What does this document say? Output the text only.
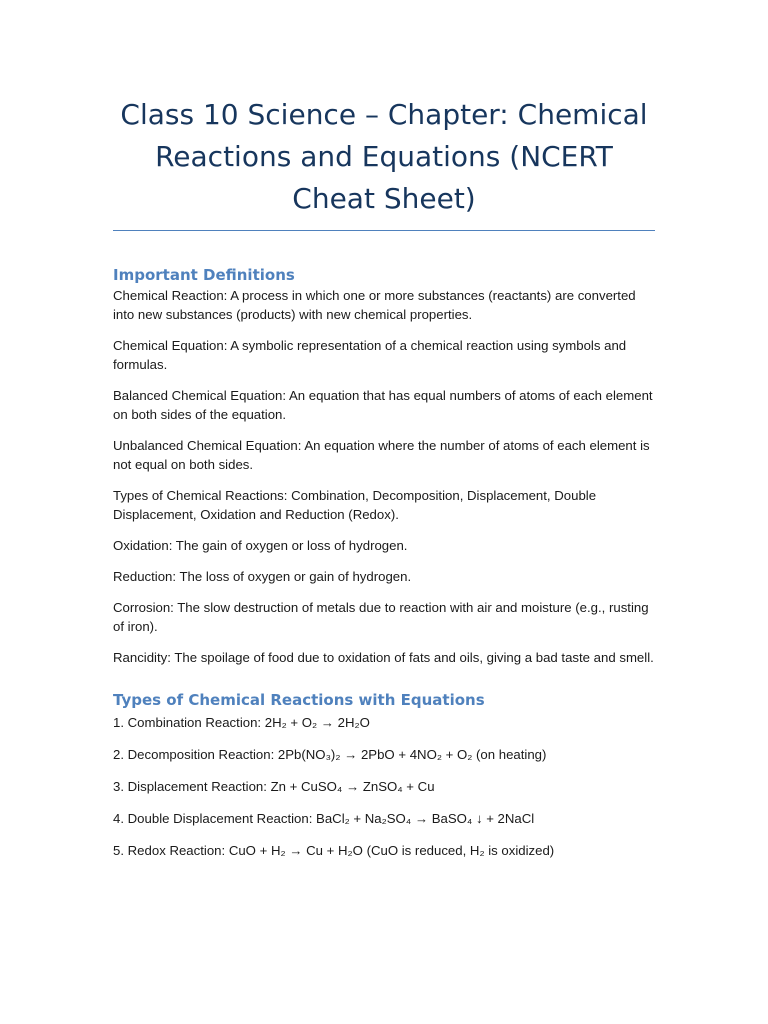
Class 10 Science – Chapter: Chemical Reactions and Equations (NCERT Cheat Sheet)
Important Definitions

Chemical Reaction: A process in which one or more substances (reactants) are converted into new substances (products) with new chemical properties.

Chemical Equation: A symbolic representation of a chemical reaction using symbols and formulas.

Balanced Chemical Equation: An equation that has equal numbers of atoms of each element on both sides of the equation.

Unbalanced Chemical Equation: An equation where the number of atoms of each element is not equal on both sides.

Types of Chemical Reactions: Combination, Decomposition, Displacement, Double Displacement, Oxidation and Reduction (Redox).

Oxidation: The gain of oxygen or loss of hydrogen.

Reduction: The loss of oxygen or gain of hydrogen.

Corrosion: The slow destruction of metals due to reaction with air and moisture (e.g., rusting of iron).

Rancidity: The spoilage of food due to oxidation of fats and oils, giving a bad taste and smell.

Types of Chemical Reactions with Equations

1. Combination Reaction: 2H₂ + O₂ → 2H₂O

2. Decomposition Reaction: 2Pb(NO₃)₂ → 2PbO + 4NO₂ + O₂ (on heating)

3. Displacement Reaction: Zn + CuSO₄ → ZnSO₄ + Cu

4. Double Displacement Reaction: BaCl₂ + Na₂SO₄ → BaSO₄ ↓ + 2NaCl

5. Redox Reaction: CuO + H₂ → Cu + H₂O (CuO is reduced, H₂ is oxidized)
